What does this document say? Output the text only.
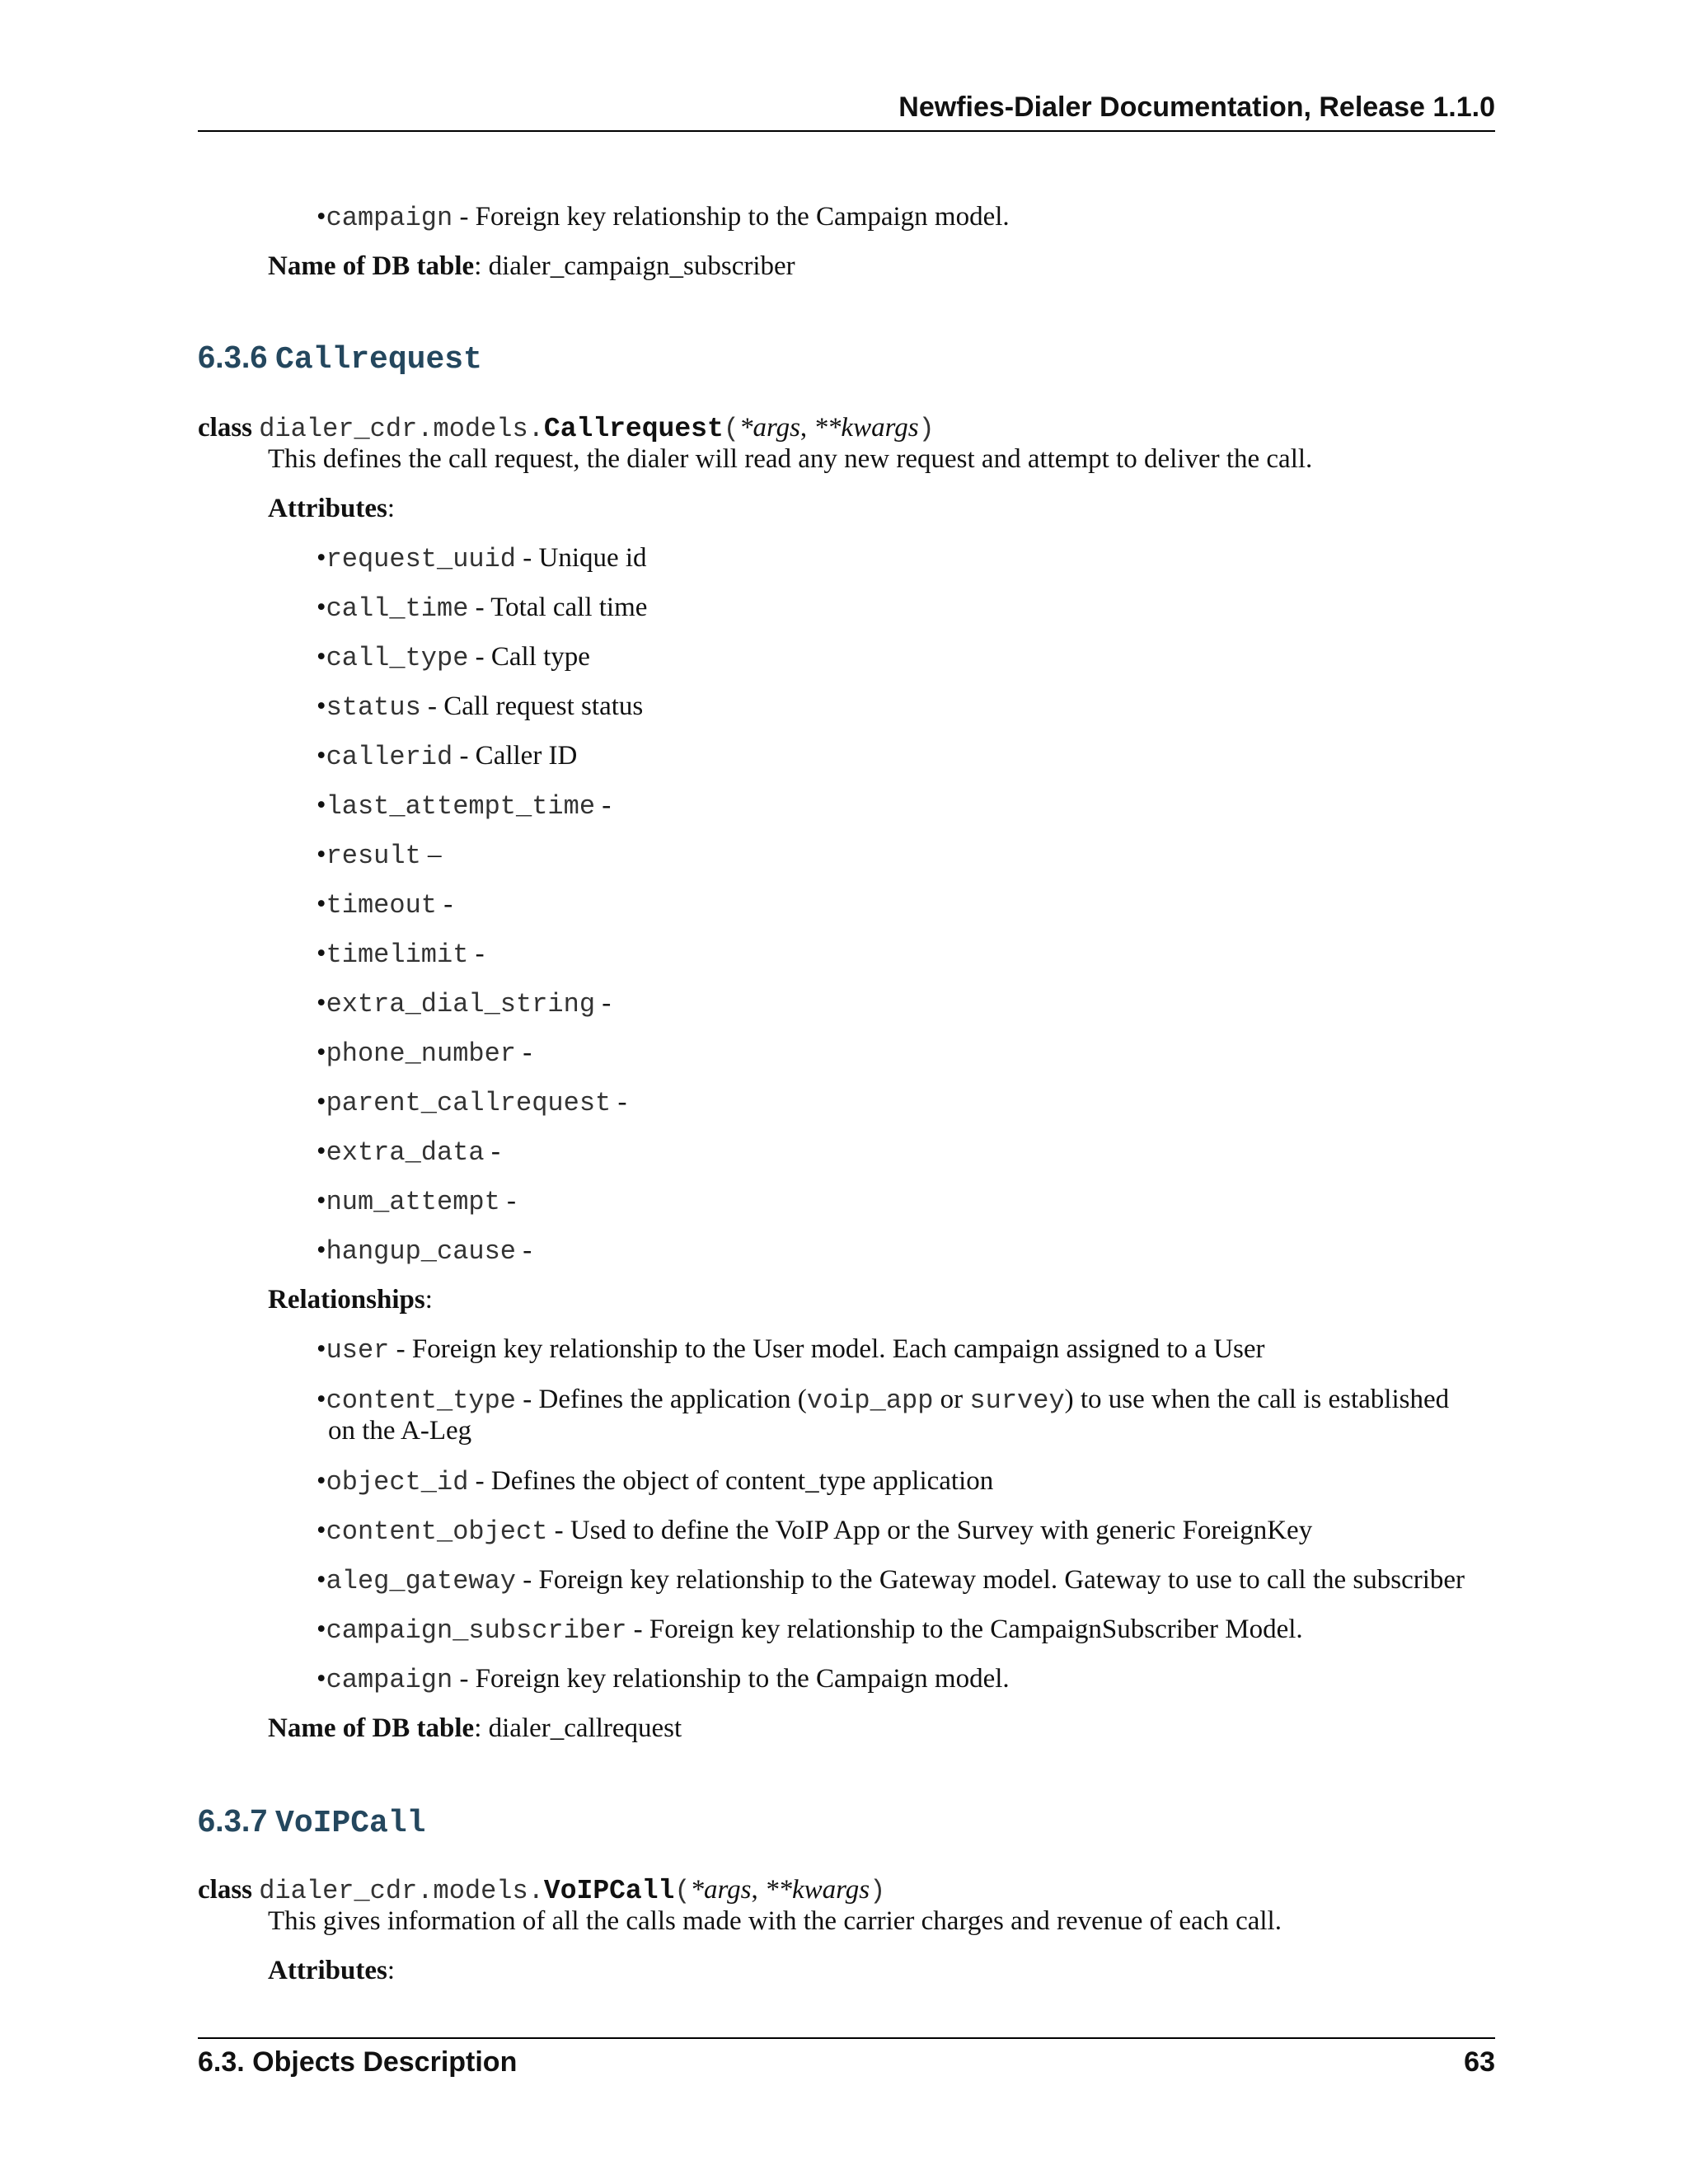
Newfies-Dialer Documentation, Release 1.1.0
•campaign - Foreign key relationship to the Campaign model.
Name of DB table: dialer_campaign_subscriber
6.3.6 Callrequest
class dialer_cdr.models.Callrequest(*args, **kwargs)
This defines the call request, the dialer will read any new request and attempt to deliver the call.
Attributes:
•request_uuid - Unique id
•call_time - Total call time
•call_type - Call type
•status - Call request status
•callerid - Caller ID
•last_attempt_time -
•result –
•timeout -
•timelimit -
•extra_dial_string -
•phone_number -
•parent_callrequest -
•extra_data -
•num_attempt -
•hangup_cause -
Relationships:
•user - Foreign key relationship to the User model. Each campaign assigned to a User
•content_type - Defines the application (voip_app or survey) to use when the call is established
on the A-Leg
•object_id - Defines the object of content_type application
•content_object - Used to define the VoIP App or the Survey with generic ForeignKey
•aleg_gateway - Foreign key relationship to the Gateway model. Gateway to use to call the subscriber
•campaign_subscriber - Foreign key relationship to the CampaignSubscriber Model.
•campaign - Foreign key relationship to the Campaign model.
Name of DB table: dialer_callrequest
6.3.7 VoIPCall
class dialer_cdr.models.VoIPCall(*args, **kwargs)
This gives information of all the calls made with the carrier charges and revenue of each call.
Attributes:
6.3. Objects Description	63
